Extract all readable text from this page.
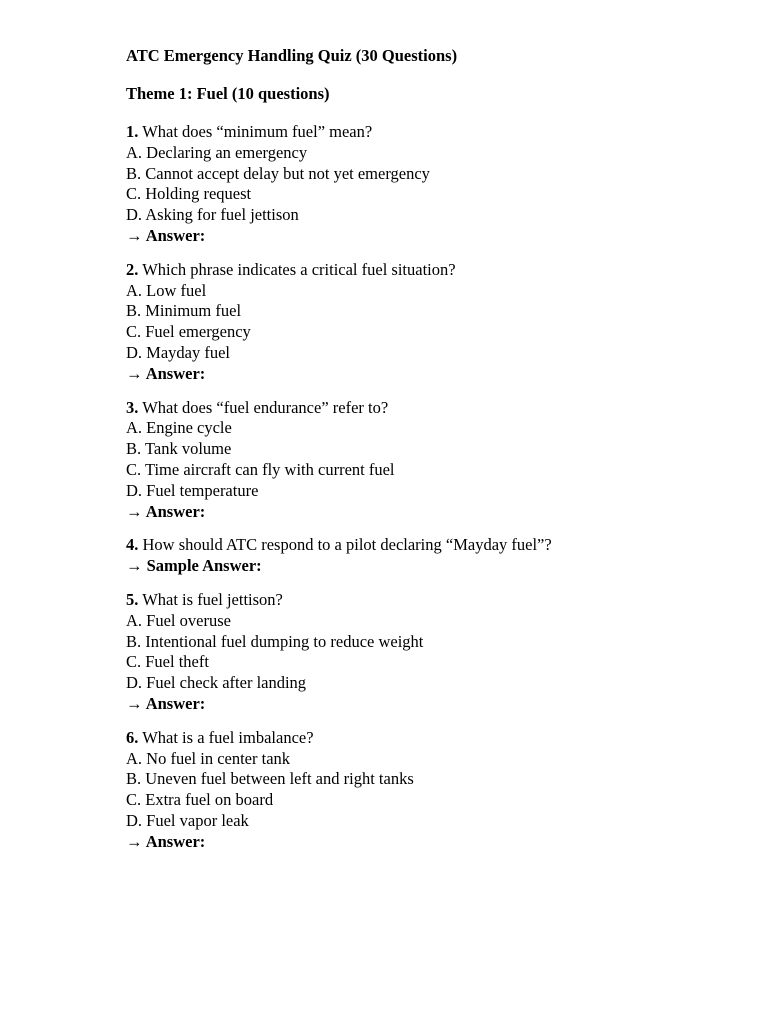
ATC Emergency Handling Quiz (30 Questions)
Theme 1: Fuel (10 questions)
1. What does “minimum fuel” mean?
A. Declaring an emergency
B. Cannot accept delay but not yet emergency
C. Holding request
D. Asking for fuel jettison
→ Answer:
2. Which phrase indicates a critical fuel situation?
A. Low fuel
B. Minimum fuel
C. Fuel emergency
D. Mayday fuel
→ Answer:
3. What does “fuel endurance” refer to?
A. Engine cycle
B. Tank volume
C. Time aircraft can fly with current fuel
D. Fuel temperature
→ Answer:
4. How should ATC respond to a pilot declaring “Mayday fuel”?
→ Sample Answer:
5. What is fuel jettison?
A. Fuel overuse
B. Intentional fuel dumping to reduce weight
C. Fuel theft
D. Fuel check after landing
→ Answer:
6. What is a fuel imbalance?
A. No fuel in center tank
B. Uneven fuel between left and right tanks
C. Extra fuel on board
D. Fuel vapor leak
→ Answer:
